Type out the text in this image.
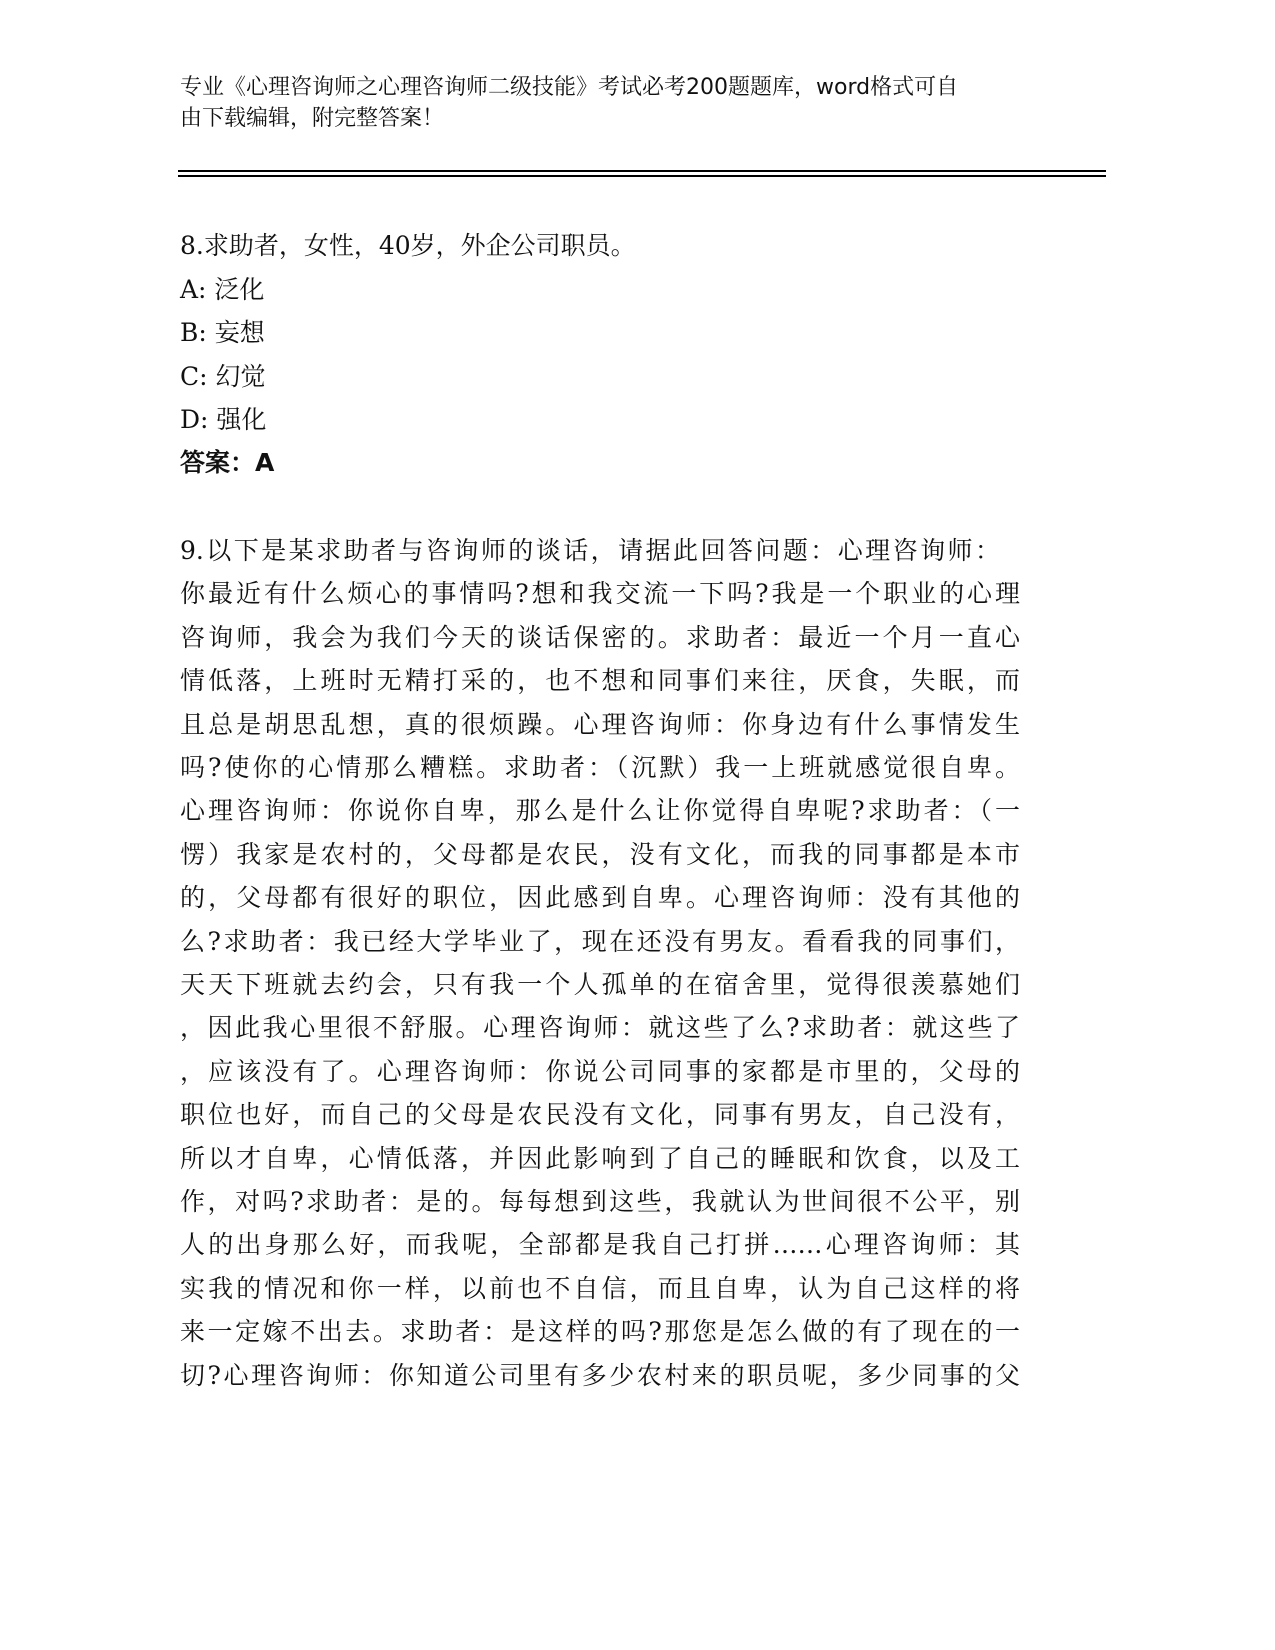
专业《心理咨询师之心理咨询师二级技能》考试必考200题题库，word格式可自
由下载编辑，附完整答案！
8.求助者，女性，40岁，外企公司职员。
A: 泛化
B: 妄想
C: 幻觉
D: 强化
答案：A
9.以下是某求助者与咨询师的谈话，请据此回答问题：心理咨询师：
你最近有什么烦心的事情吗?想和我交流一下吗?我是一个职业的心理
咨询师，我会为我们今天的谈话保密的。求助者：最近一个月一直心
情低落，上班时无精打采的，也不想和同事们来往，厌食，失眠，而
且总是胡思乱想，真的很烦躁。心理咨询师：你身边有什么事情发生
吗?使你的心情那么糟糕。求助者：（沉默）我一上班就感觉很自卑。
心理咨询师：你说你自卑，那么是什么让你觉得自卑呢?求助者：（一
愣）我家是农村的，父母都是农民，没有文化，而我的同事都是本市
的，父母都有很好的职位，因此感到自卑。心理咨询师：没有其他的
么?求助者：我已经大学毕业了，现在还没有男友。看看我的同事们，
天天下班就去约会，只有我一个人孤单的在宿舍里，觉得很羡慕她们
，因此我心里很不舒服。心理咨询师：就这些了么?求助者：就这些了
，应该没有了。心理咨询师：你说公司同事的家都是市里的，父母的
职位也好，而自己的父母是农民没有文化，同事有男友，自己没有，
所以才自卑，心情低落，并因此影响到了自己的睡眠和饮食，以及工
作，对吗?求助者：是的。每每想到这些，我就认为世间很不公平，别
人的出身那么好，而我呢，全部都是我自己打拼……心理咨询师：其
实我的情况和你一样，以前也不自信，而且自卑，认为自己这样的将
来一定嫁不出去。求助者：是这样的吗?那您是怎么做的有了现在的一
切?心理咨询师：你知道公司里有多少农村来的职员呢，多少同事的父
